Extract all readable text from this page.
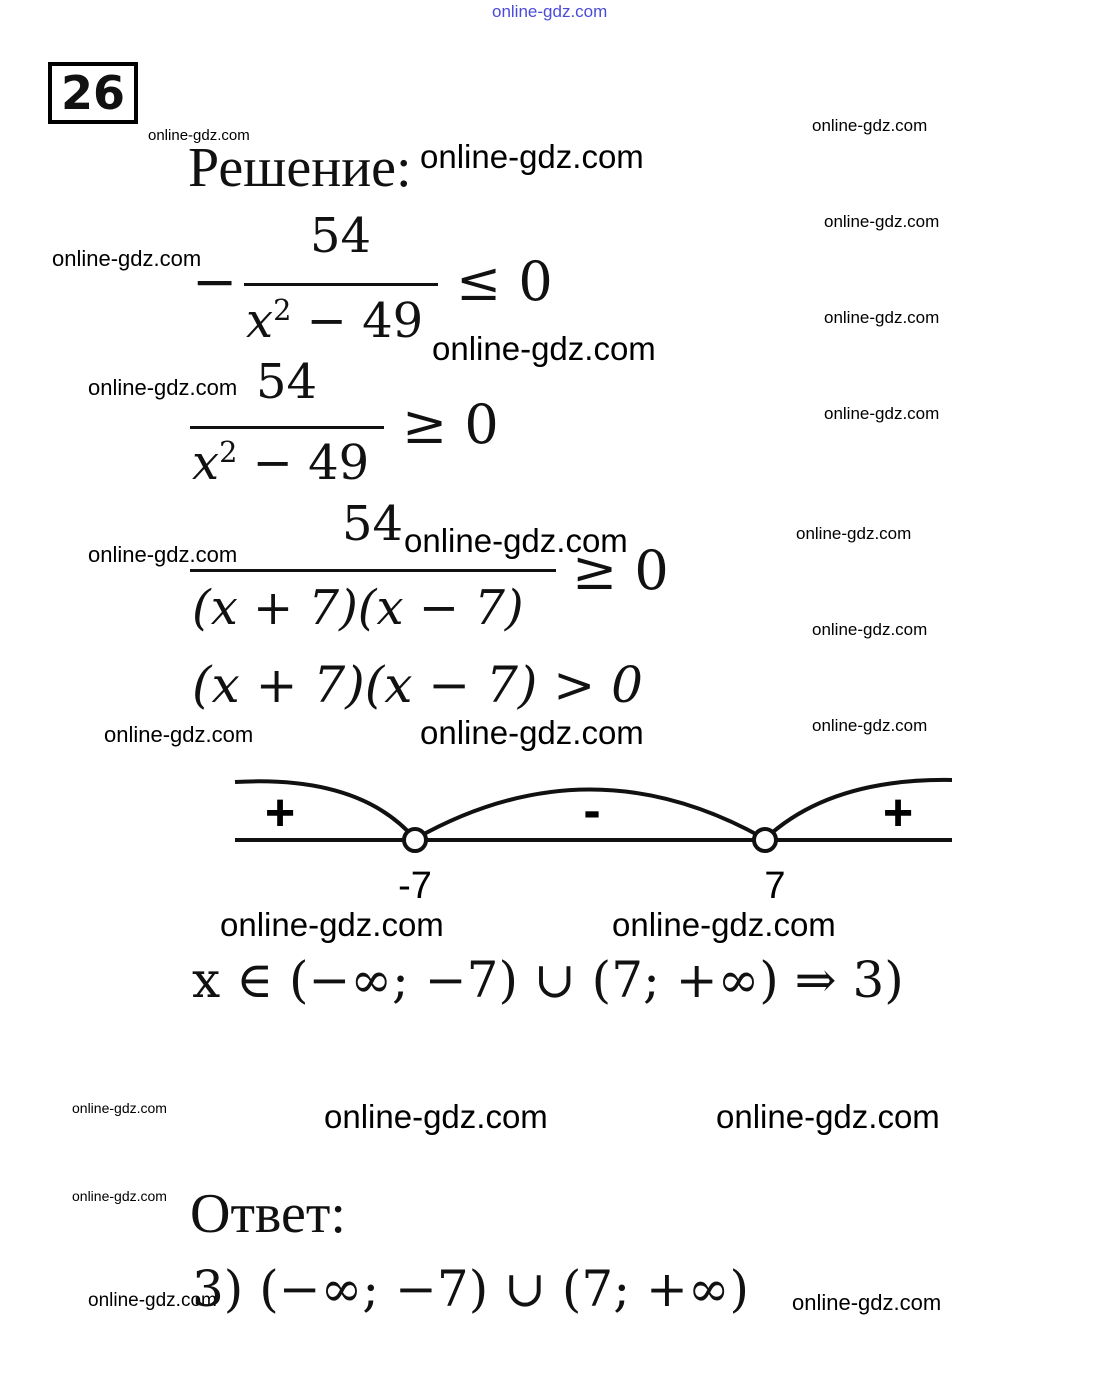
online-gdz.com
online-gdz.com
online-gdz.com
online-gdz.com
online-gdz.com
online-gdz.com
online-gdz.com
online-gdz.com
online-gdz.com
online-gdz.com
online-gdz.com
online-gdz.com
online-gdz.com
online-gdz.com
online-gdz.com
online-gdz.com
online-gdz.com
online-gdz.com	online-gdz.com
online-gdz.com	online-gdz.com	online-gdz.com
online-gdz.com
online-gdz.com	online-gdz.com
26
Решение:
−
54
$x^2 - 49$
≤ 0
54
$x^2 - 49$
≥ 0
54
(x + 7)(x − 7)
≥ 0
(x + 7)(x − 7) > 0
+	-	+
-7	7
x ∈ (−∞; −7) ∪ (7; +∞) ⇒ 3)
Ответ:
3) (−∞; −7) ∪ (7; +∞)
